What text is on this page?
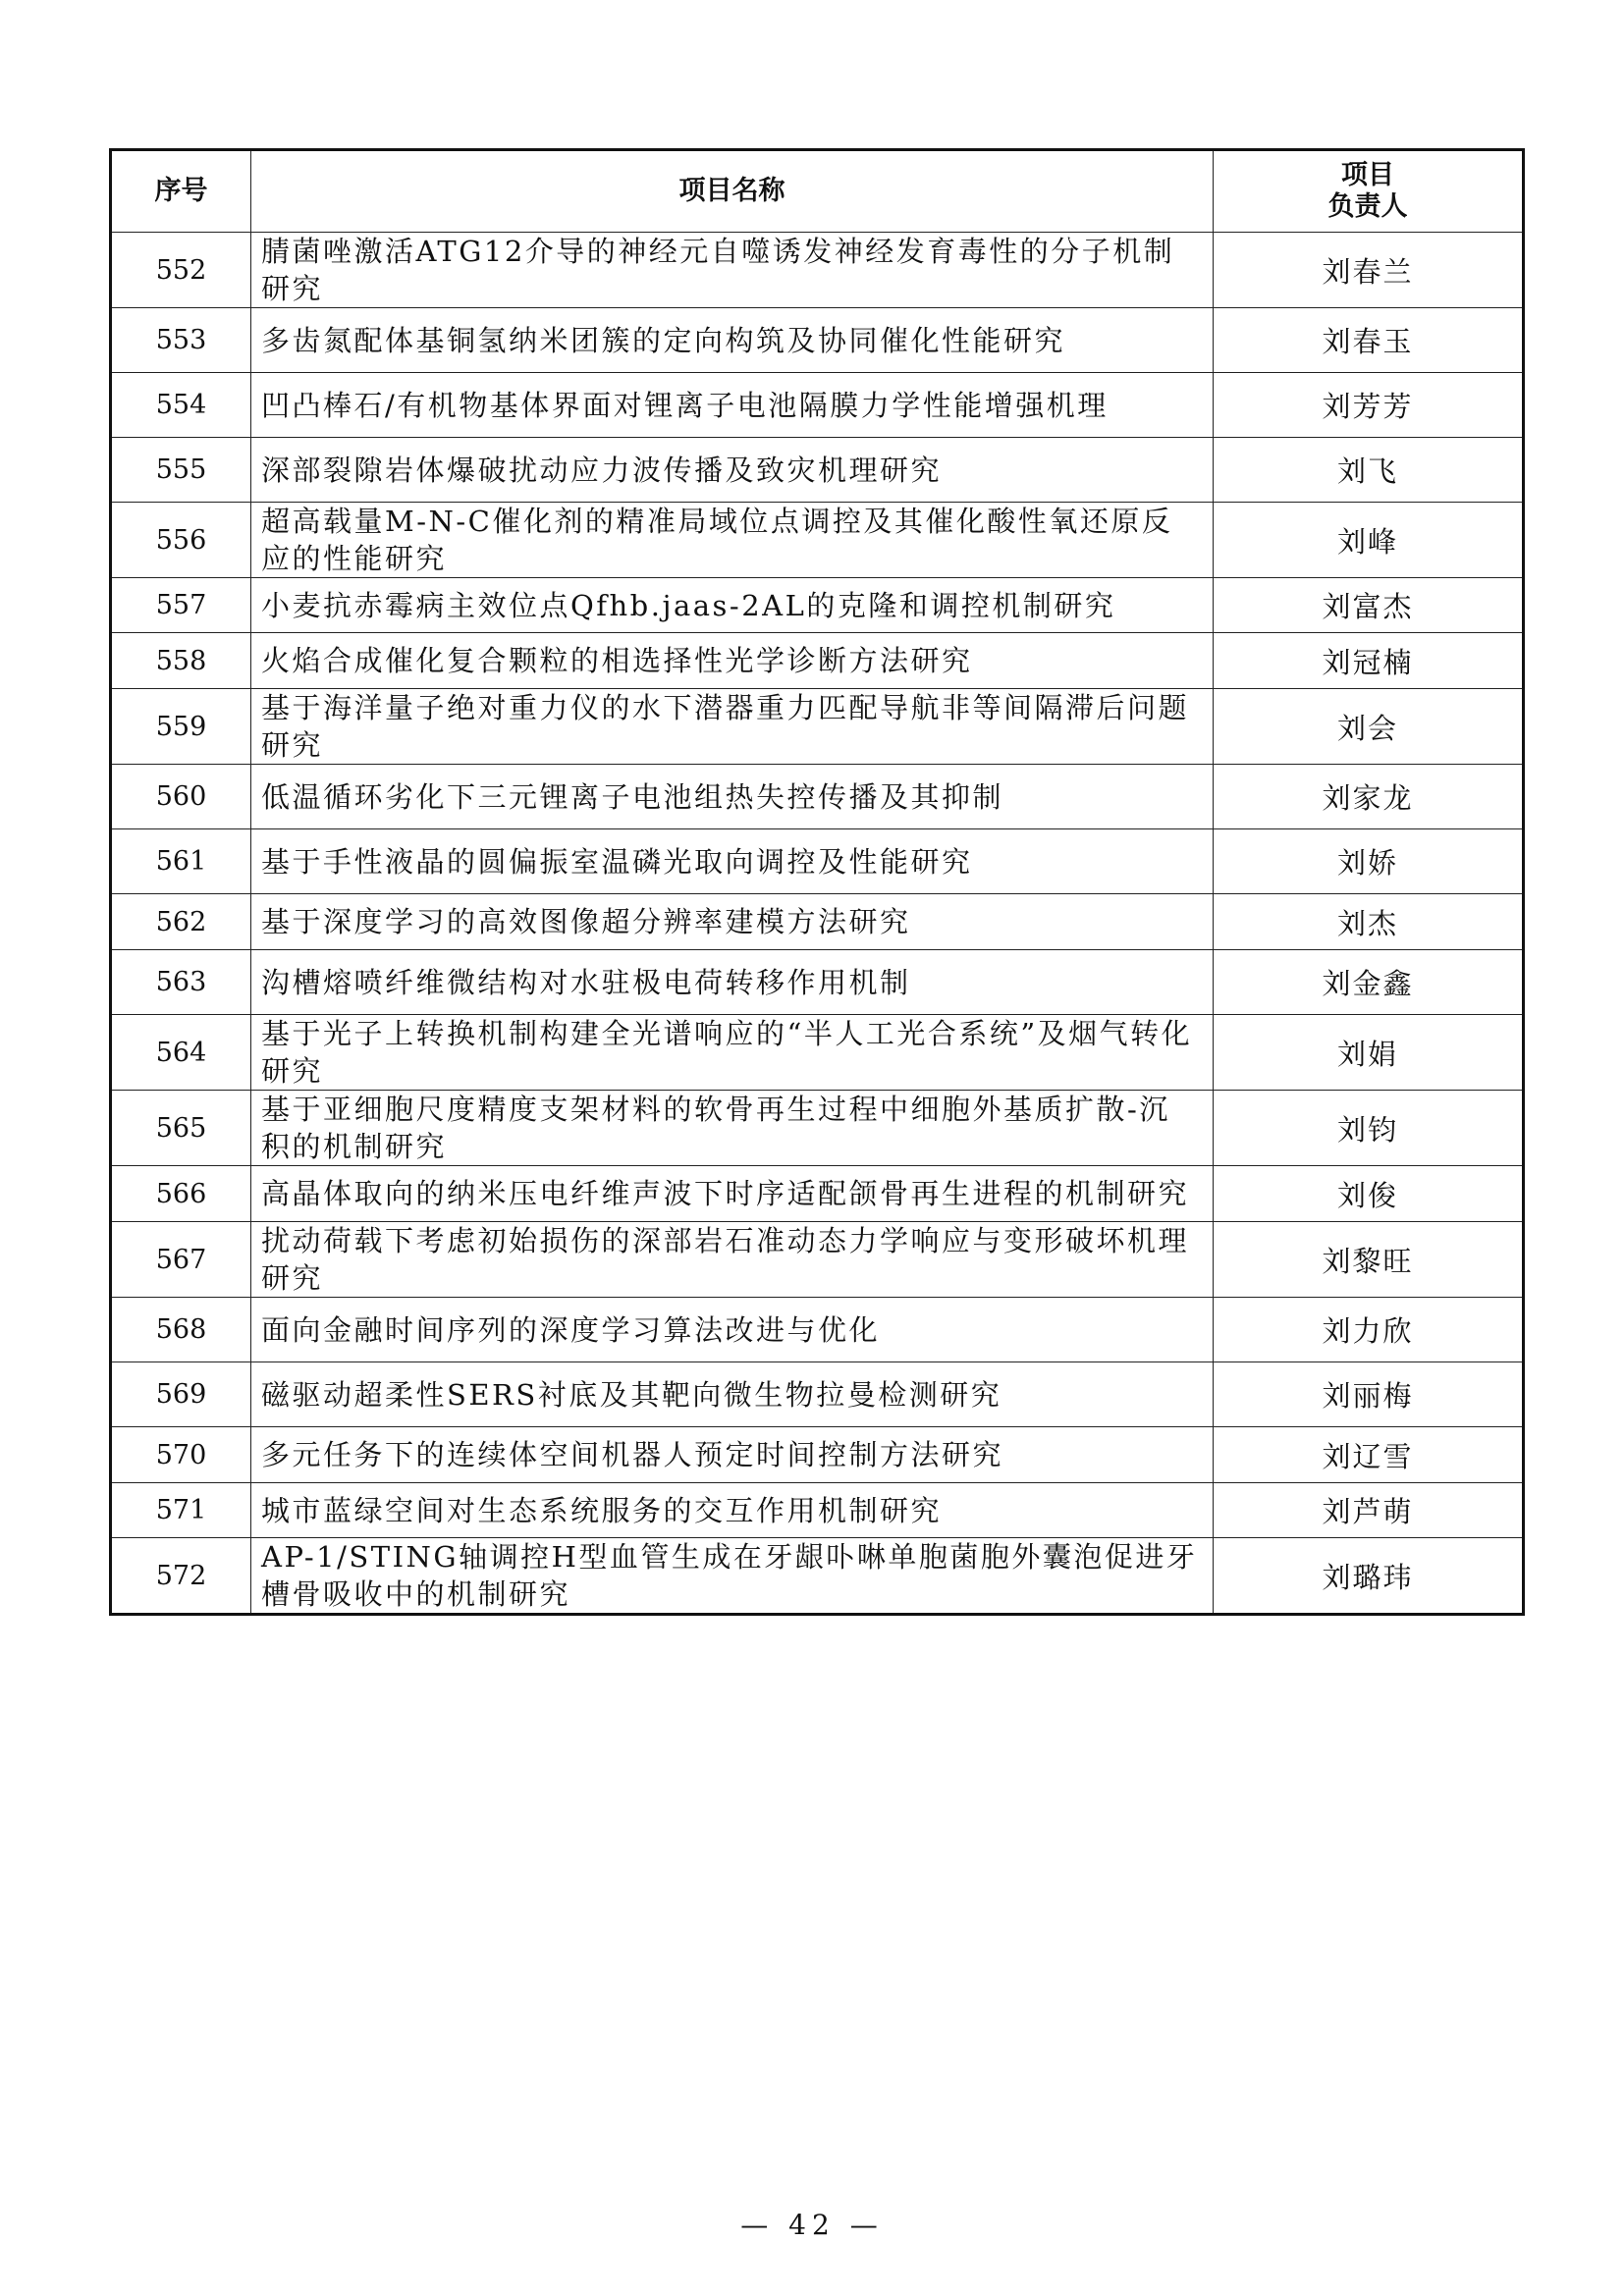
序号	项目名称	项目
负责人

552	腈菌唑激活ATG12介导的神经元自噬诱发神经发育毒性的分子机制研究	刘春兰
553	多齿氮配体基铜氢纳米团簇的定向构筑及协同催化性能研究	刘春玉
554	凹凸棒石/有机物基体界面对锂离子电池隔膜力学性能增强机理	刘芳芳
555	深部裂隙岩体爆破扰动应力波传播及致灾机理研究	刘飞
556	超高载量M-N-C催化剂的精准局域位点调控及其催化酸性氧还原反应的性能研究	刘峰
557	小麦抗赤霉病主效位点Qfhb.jaas-2AL的克隆和调控机制研究	刘富杰
558	火焰合成催化复合颗粒的相选择性光学诊断方法研究	刘冠楠
559	基于海洋量子绝对重力仪的水下潜器重力匹配导航非等间隔滞后问题研究	刘会
560	低温循环劣化下三元锂离子电池组热失控传播及其抑制	刘家龙
561	基于手性液晶的圆偏振室温磷光取向调控及性能研究	刘娇
562	基于深度学习的高效图像超分辨率建模方法研究	刘杰
563	沟槽熔喷纤维微结构对水驻极电荷转移作用机制	刘金鑫
564	基于光子上转换机制构建全光谱响应的“半人工光合系统”及烟气转化研究	刘娟
565	基于亚细胞尺度精度支架材料的软骨再生过程中细胞外基质扩散-沉积的机制研究	刘钧
566	高晶体取向的纳米压电纤维声波下时序适配颌骨再生进程的机制研究	刘俊
567	扰动荷载下考虑初始损伤的深部岩石准动态力学响应与变形破坏机理研究	刘黎旺
568	面向金融时间序列的深度学习算法改进与优化	刘力欣
569	磁驱动超柔性SERS衬底及其靶向微生物拉曼检测研究	刘丽梅
570	多元任务下的连续体空间机器人预定时间控制方法研究	刘辽雪
571	城市蓝绿空间对生态系统服务的交互作用机制研究	刘芦萌
572	AP-1/STING轴调控H型血管生成在牙龈卟啉单胞菌胞外囊泡促进牙槽骨吸收中的机制研究	刘璐玮
— 42 —
